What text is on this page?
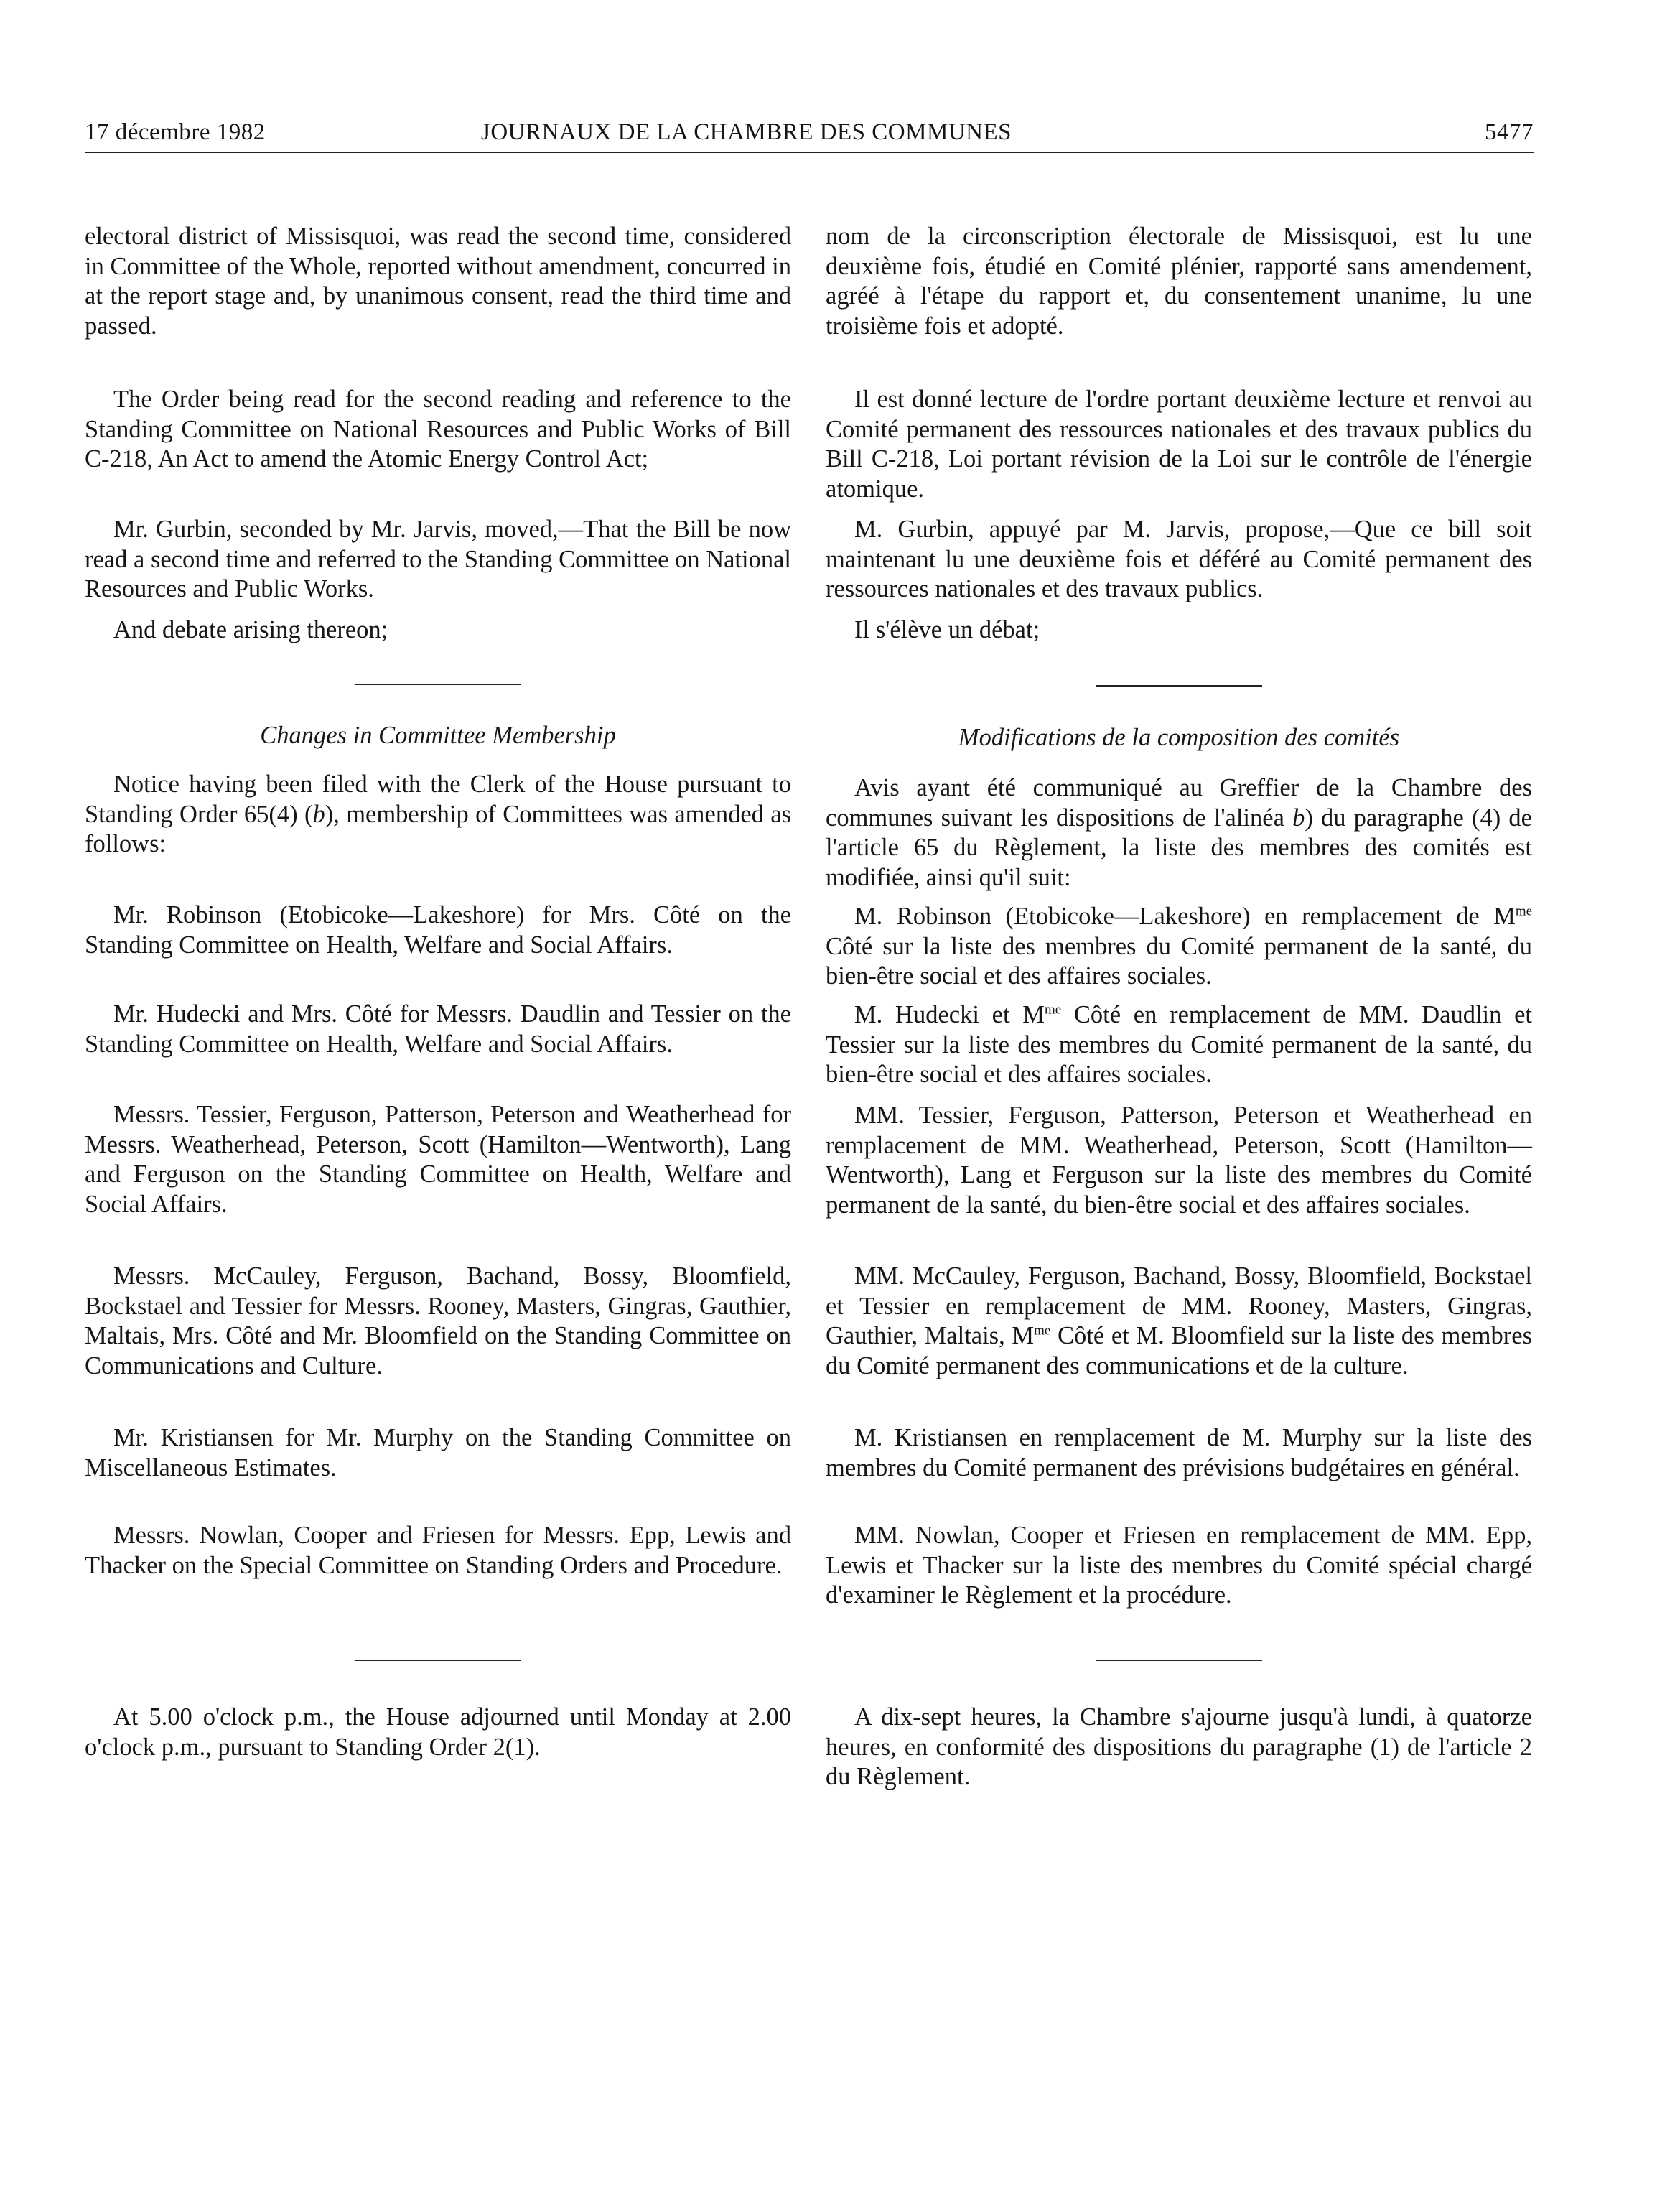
17 décembre 1982	JOURNAUX DE LA CHAMBRE DES COMMUNES	5477

electoral district of Missisquoi, was read the second time, considered in Committee of the Whole, reported without amendment, concurred in at the report stage and, by unanimous consent, read the third time and passed.

The Order being read for the second reading and reference to the Standing Committee on National Resources and Public Works of Bill C-218, An Act to amend the Atomic Energy Control Act;

Mr. Gurbin, seconded by Mr. Jarvis, moved,—That the Bill be now read a second time and referred to the Standing Committee on National Resources and Public Works.

And debate arising thereon;

Changes in Committee Membership

Notice having been filed with the Clerk of the House pursuant to Standing Order 65(4) (b), membership of Committees was amended as follows:

Mr. Robinson (Etobicoke—Lakeshore) for Mrs. Côté on the Standing Committee on Health, Welfare and Social Affairs.

Mr. Hudecki and Mrs. Côté for Messrs. Daudlin and Tessier on the Standing Committee on Health, Welfare and Social Affairs.

Messrs. Tessier, Ferguson, Patterson, Peterson and Weatherhead for Messrs. Weatherhead, Peterson, Scott (Hamilton—Wentworth), Lang and Ferguson on the Standing Committee on Health, Welfare and Social Affairs.

Messrs. McCauley, Ferguson, Bachand, Bossy, Bloomfield, Bockstael and Tessier for Messrs. Rooney, Masters, Gingras, Gauthier, Maltais, Mrs. Côté and Mr. Bloomfield on the Standing Committee on Communications and Culture.

Mr. Kristiansen for Mr. Murphy on the Standing Committee on Miscellaneous Estimates.

Messrs. Nowlan, Cooper and Friesen for Messrs. Epp, Lewis and Thacker on the Special Committee on Standing Orders and Procedure.

At 5.00 o'clock p.m., the House adjourned until Monday at 2.00 o'clock p.m., pursuant to Standing Order 2(1).

nom de la circonscription électorale de Missisquoi, est lu une deuxième fois, étudié en Comité plénier, rapporté sans amendement, agréé à l'étape du rapport et, du consentement unanime, lu une troisième fois et adopté.

Il est donné lecture de l'ordre portant deuxième lecture et renvoi au Comité permanent des ressources nationales et des travaux publics du Bill C-218, Loi portant révision de la Loi sur le contrôle de l'énergie atomique.

M. Gurbin, appuyé par M. Jarvis, propose,—Que ce bill soit maintenant lu une deuxième fois et déféré au Comité permanent des ressources nationales et des travaux publics.

Il s'élève un débat;

Modifications de la composition des comités

Avis ayant été communiqué au Greffier de la Chambre des communes suivant les dispositions de l'alinéa b) du paragraphe (4) de l'article 65 du Règlement, la liste des membres des comités est modifiée, ainsi qu'il suit:

M. Robinson (Etobicoke—Lakeshore) en remplacement de $M^{me}$ Côté sur la liste des membres du Comité permanent de la santé, du bien-être social et des affaires sociales.

M. Hudecki et $M^{me}$ Côté en remplacement de MM. Daudlin et Tessier sur la liste des membres du Comité permanent de la santé, du bien-être social et des affaires sociales.

MM. Tessier, Ferguson, Patterson, Peterson et Weatherhead en remplacement de MM. Weatherhead, Peterson, Scott (Hamilton—Wentworth), Lang et Ferguson sur la liste des membres du Comité permanent de la santé, du bien-être social et des affaires sociales.

MM. McCauley, Ferguson, Bachand, Bossy, Bloomfield, Bockstael et Tessier en remplacement de MM. Rooney, Masters, Gingras, Gauthier, Maltais, $M^{me}$ Côté et M. Bloomfield sur la liste des membres du Comité permanent des communications et de la culture.

M. Kristiansen en remplacement de M. Murphy sur la liste des membres du Comité permanent des prévisions budgétaires en général.

MM. Nowlan, Cooper et Friesen en remplacement de MM. Epp, Lewis et Thacker sur la liste des membres du Comité spécial chargé d'examiner le Règlement et la procédure.

A dix-sept heures, la Chambre s'ajourne jusqu'à lundi, à quatorze heures, en conformité des dispositions du paragraphe (1) de l'article 2 du Règlement.
